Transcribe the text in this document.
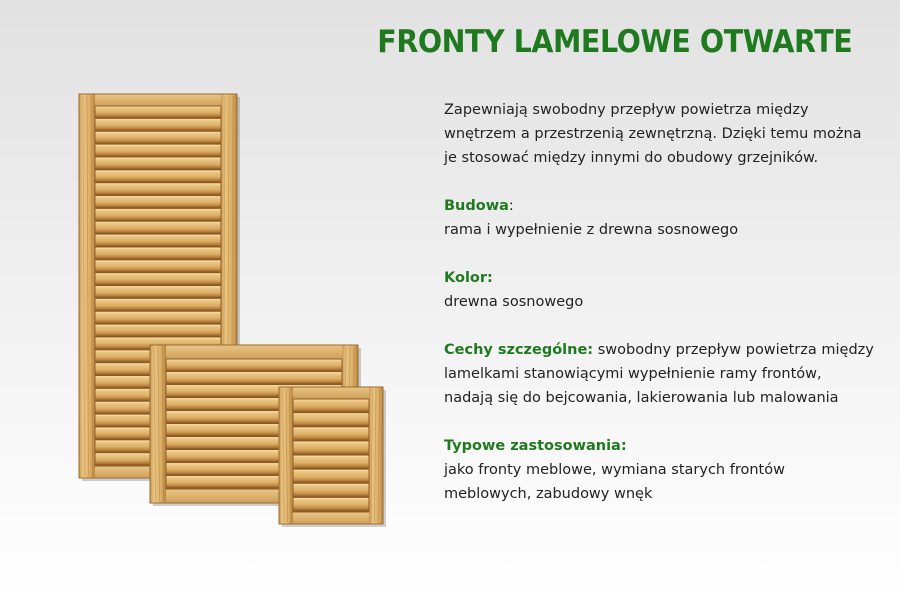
FRONTY LAMELOWE OTWARTE

Zapewniają swobodny przepływ powietrza między wnętrzem a przestrzenią zewnętrzną. Dzięki temu można je stosować między innymi do obudowy grzejników.

Budowa:
rama i wypełnienie z drewna sosnowego

Kolor:
drewna sosnowego

Cechy szczególne: swobodny przepływ powietrza między lamelkami stanowiącymi wypełnienie ramy frontów, nadają się do bejcowania, lakierowania lub malowania

Typowe zastosowania:
jako fronty meblowe, wymiana starych frontów meblowych, zabudowy wnęk
